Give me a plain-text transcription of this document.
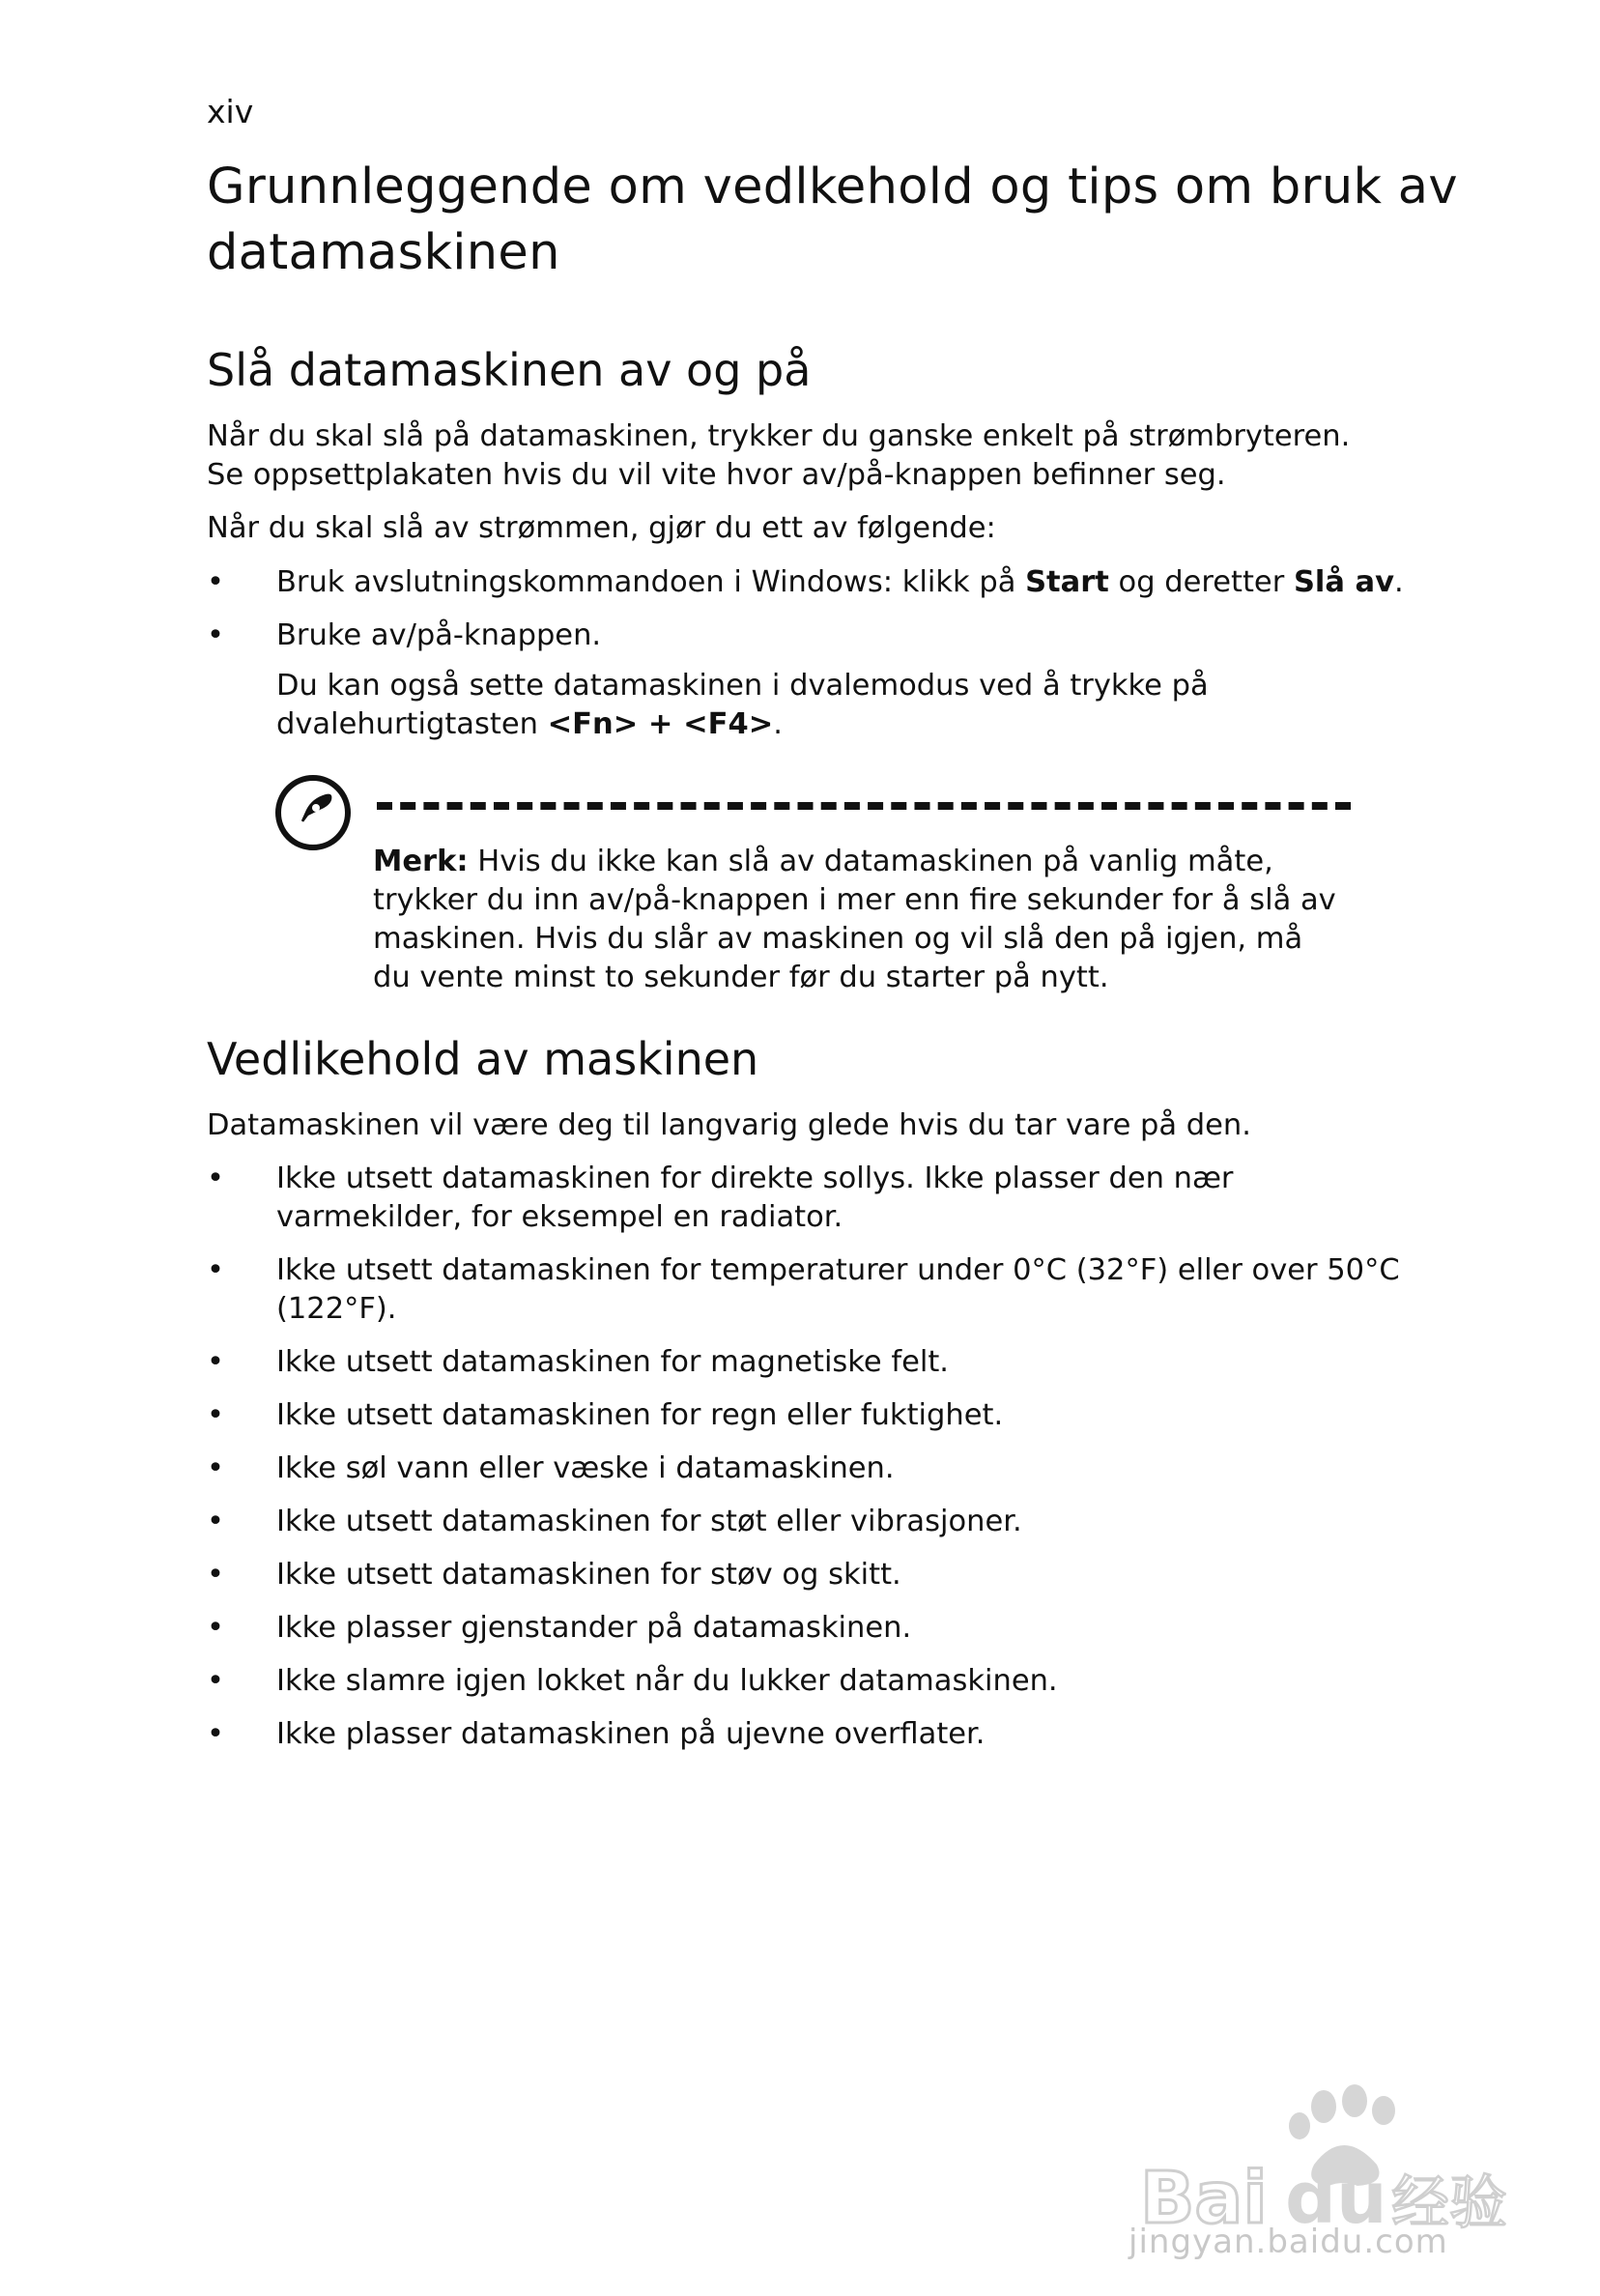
xiv
Grunnleggende om vedlkehold og tips om bruk av datamaskinen
Slå datamaskinen av og på

Når du skal slå på datamaskinen, trykker du ganske enkelt på strømbryteren.
Se oppsettplakaten hvis du vil vite hvor av/på-knappen befinner seg.

Når du skal slå av strømmen, gjør du ett av følgende:

• Bruk avslutningskommandoen i Windows: klikk på Start og deretter Slå av.
• Bruke av/på-knappen.

Du kan også sette datamaskinen i dvalemodus ved å trykke på
dvalehurtigtasten <Fn> + <F4>.

Merk: Hvis du ikke kan slå av datamaskinen på vanlig måte, trykker du inn av/på-knappen i mer enn fire sekunder for å slå av maskinen. Hvis du slår av maskinen og vil slå den på igjen, må du vente minst to sekunder før du starter på nytt.

Vedlikehold av maskinen

Datamaskinen vil være deg til langvarig glede hvis du tar vare på den.

• Ikke utsett datamaskinen for direkte sollys. Ikke plasser den nær varmekilder, for eksempel en radiator.
• Ikke utsett datamaskinen for temperaturer under 0°C (32°F) eller over 50°C (122°F).
• Ikke utsett datamaskinen for magnetiske felt.
• Ikke utsett datamaskinen for regn eller fuktighet.
• Ikke søl vann eller væske i datamaskinen.
• Ikke utsett datamaskinen for støt eller vibrasjoner.
• Ikke utsett datamaskinen for støv og skitt.
• Ikke plasser gjenstander på datamaskinen.
• Ikke slamre igjen lokket når du lukker datamaskinen.
• Ikke plasser datamaskinen på ujevne overflater.
Bai du 经验
jingyan.baidu.com
